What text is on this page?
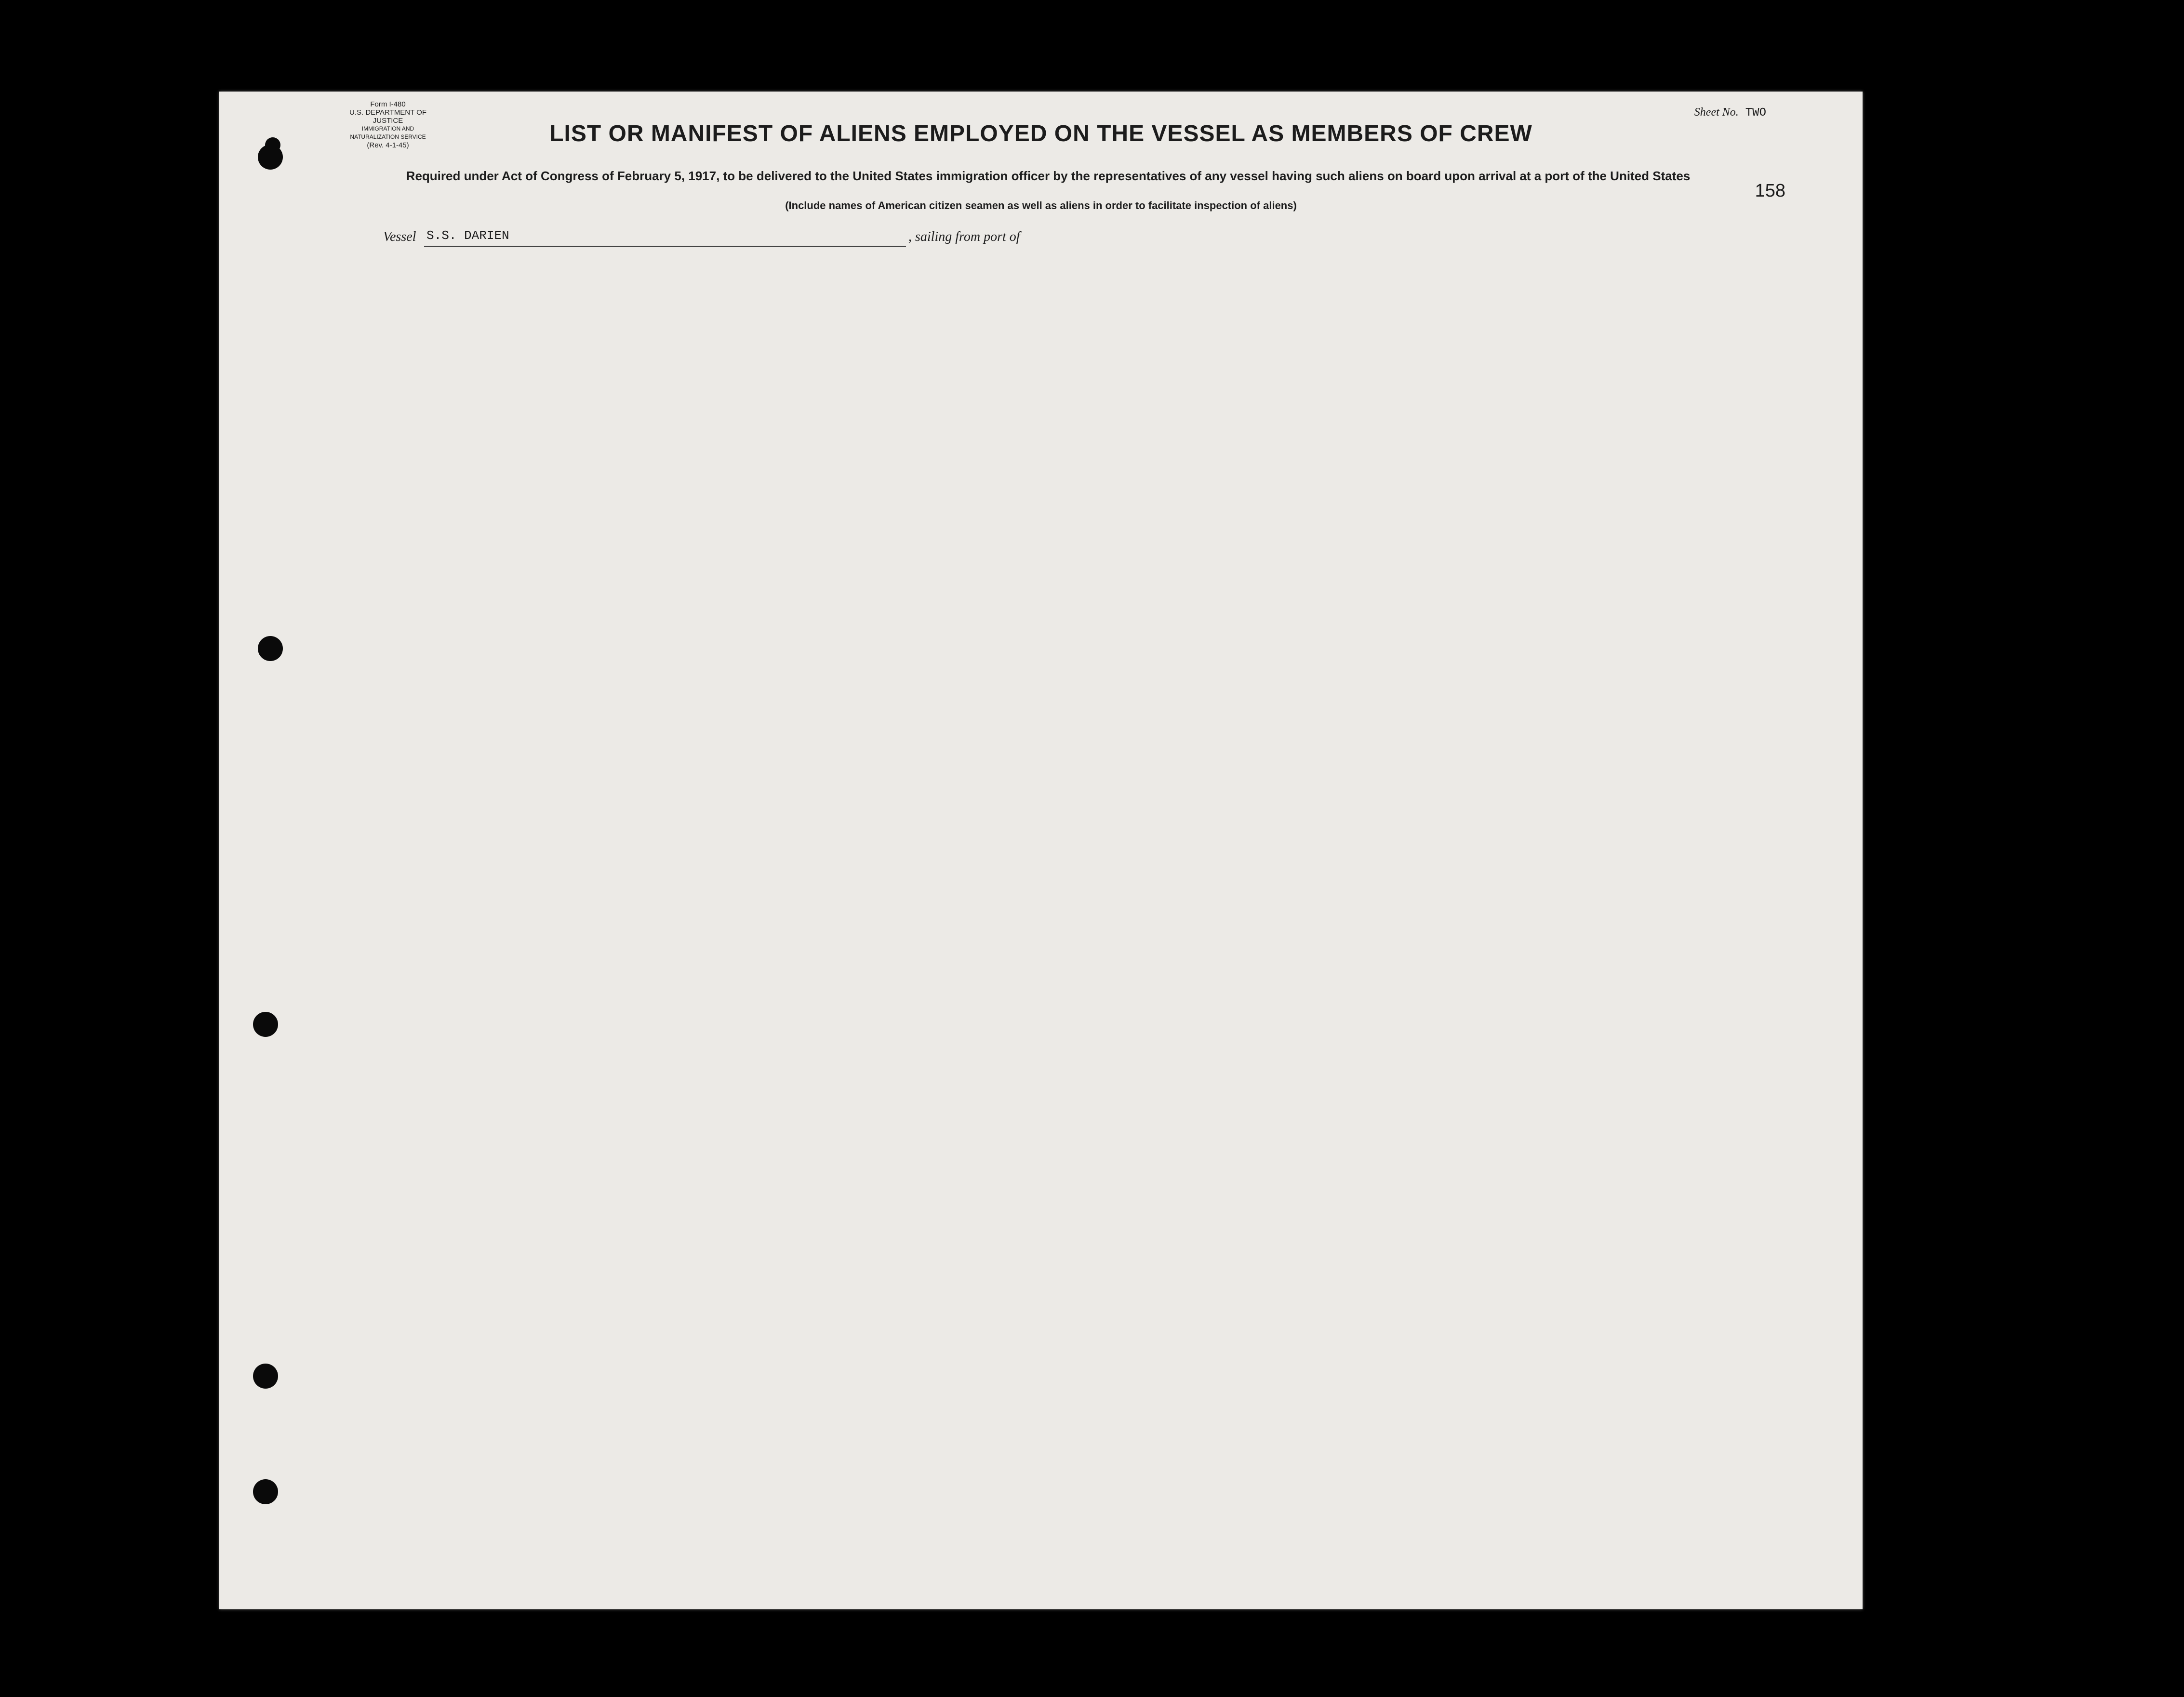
Form I-480
U.S. DEPARTMENT OF JUSTICE
IMMIGRATION AND NATURALIZATION SERVICE
(Rev. 4-1-45)
Sheet No. TWO
LIST OR MANIFEST OF ALIENS EMPLOYED ON THE VESSEL AS MEMBERS OF CREW
Required under Act of Congress of February 5, 1917, to be delivered to the United States immigration officer by the representatives of any vessel having such aliens on board upon arrival at a port of the United States
(Include names of American citizen seamen as well as aliens in order to facilitate inspection of aliens)
158
Vessel S.S. DARIEN	, sailing from port of
